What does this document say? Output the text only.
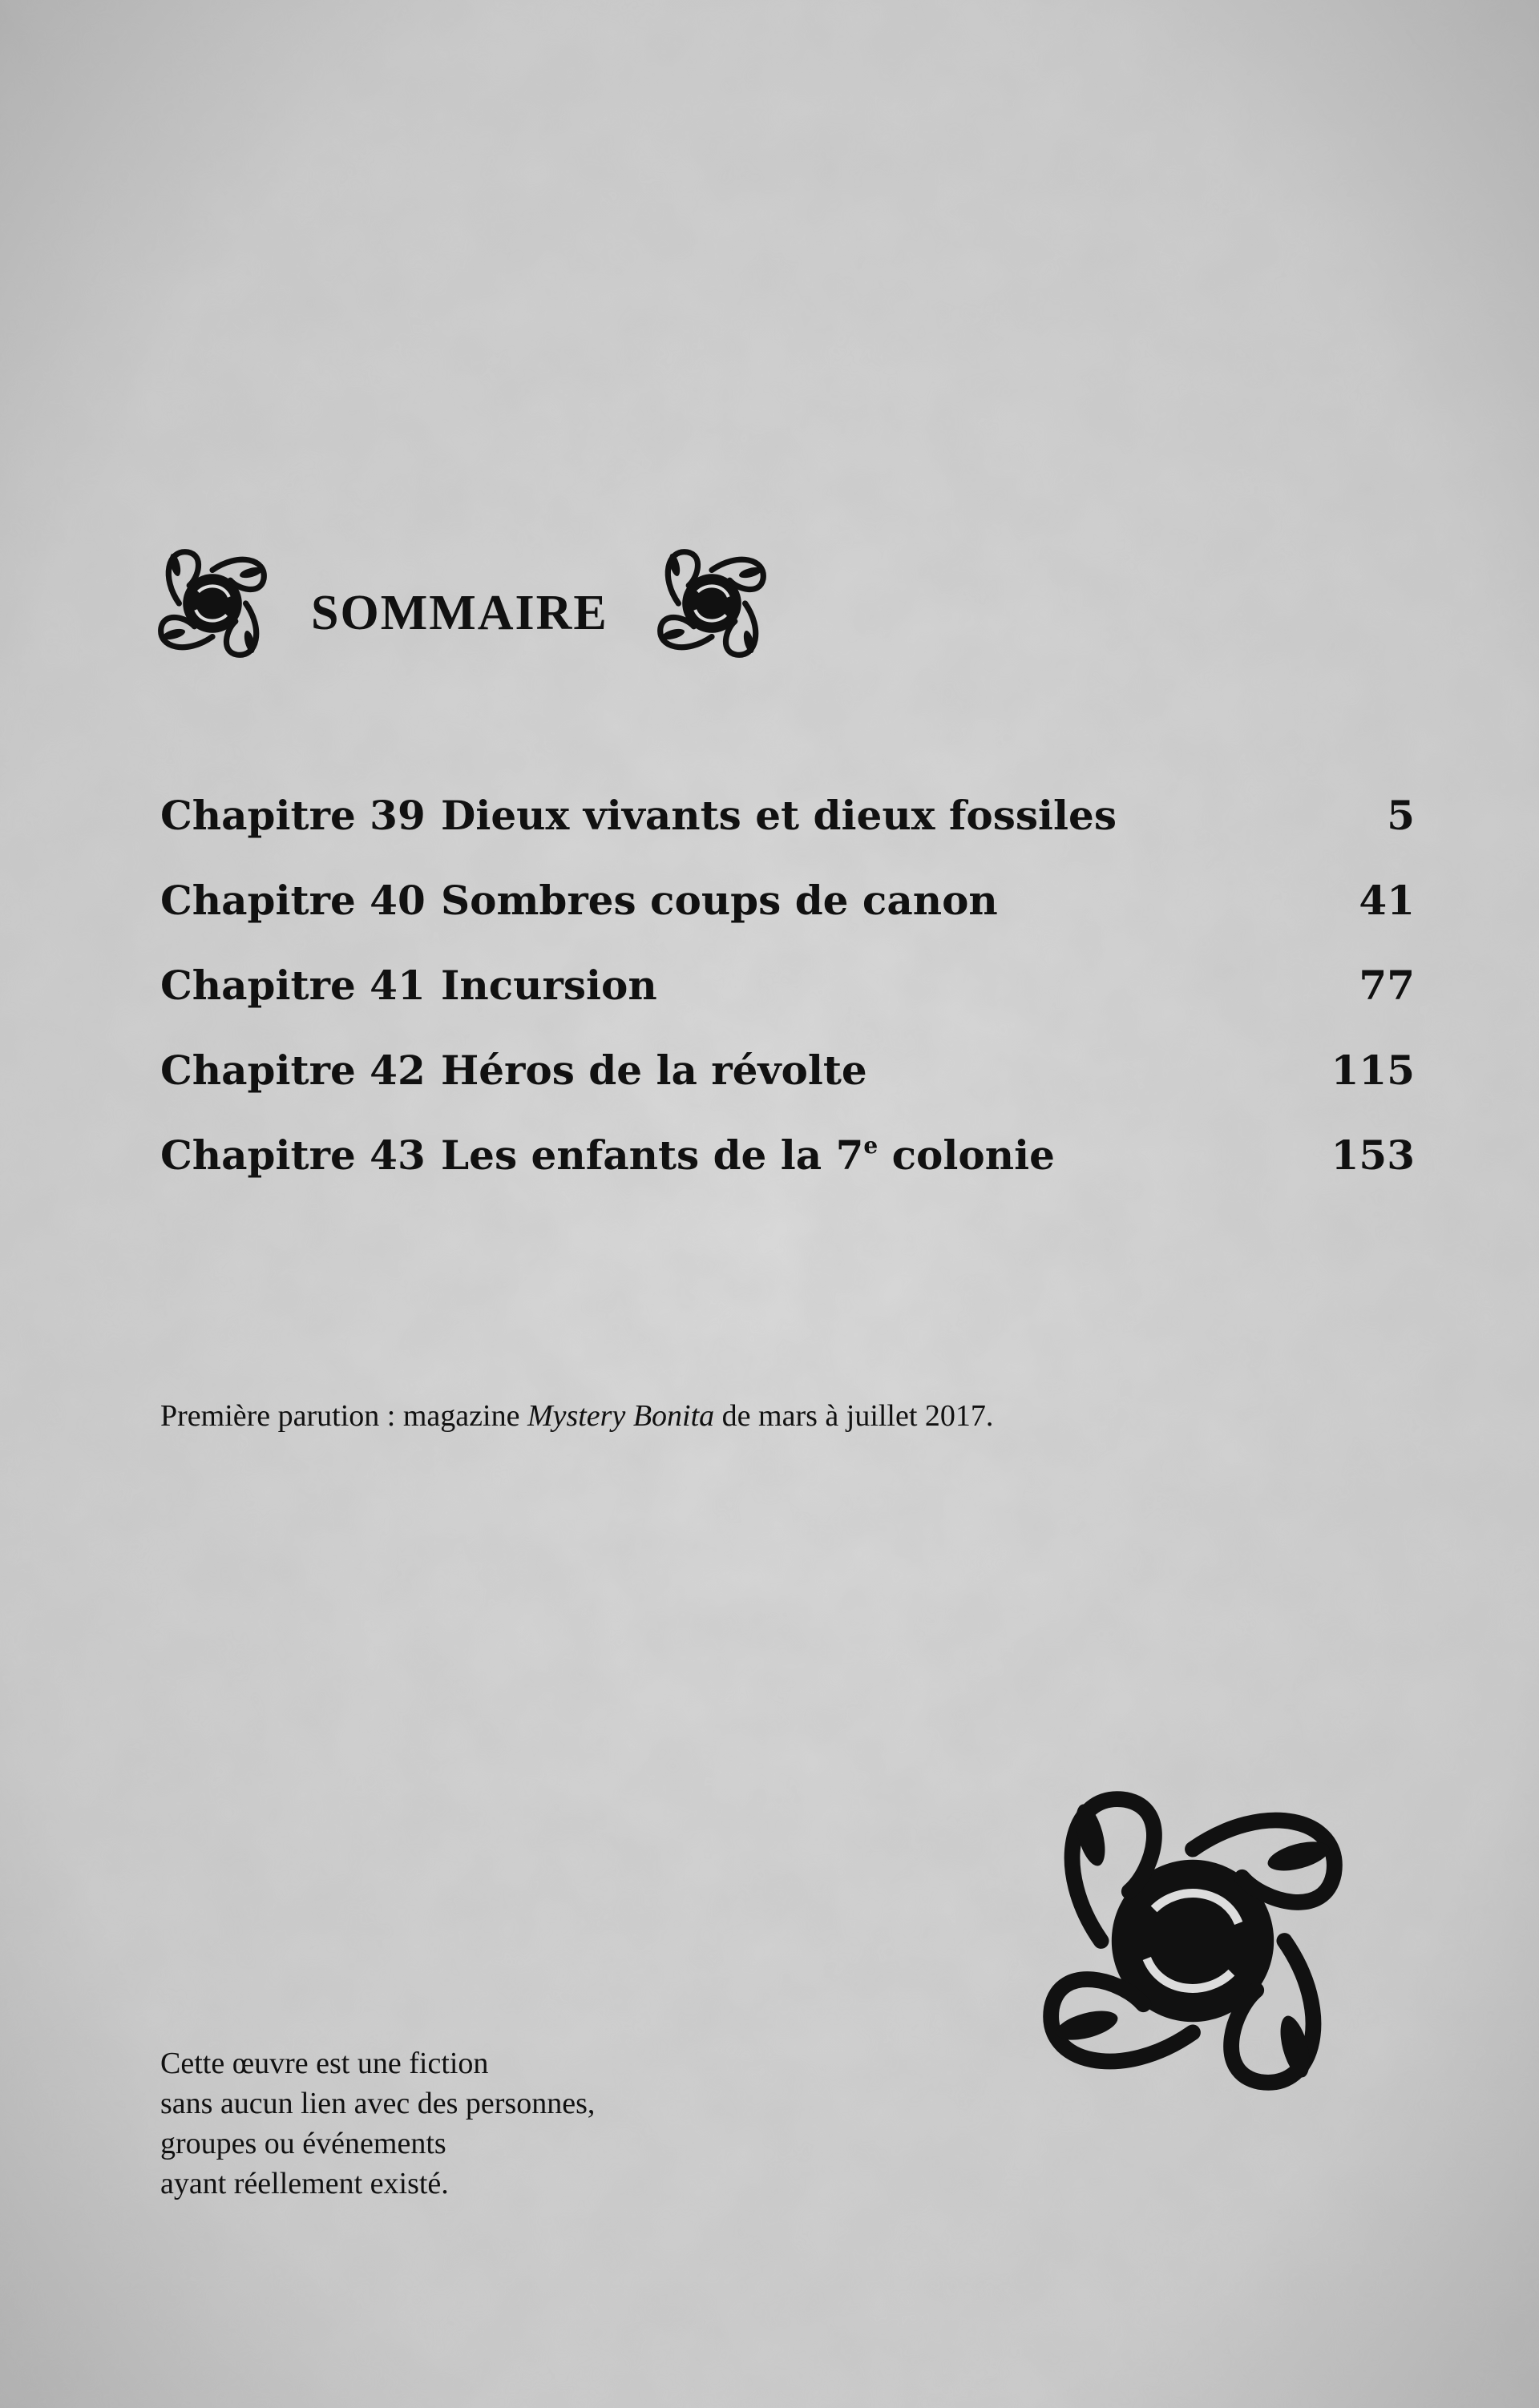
SOMMAIRE
Chapitre 39 Dieux vivants et dieux fossiles	5
Chapitre 40 Sombres coups de canon	41
Chapitre 41 Incursion	77
Chapitre 42 Héros de la révolte	115
Chapitre 43 Les enfants de la 7e colonie	153
Première parution : magazine Mystery Bonita de mars à juillet 2017.
Cette œuvre est une fiction
sans aucun lien avec des personnes,
groupes ou événements
ayant réellement existé.
